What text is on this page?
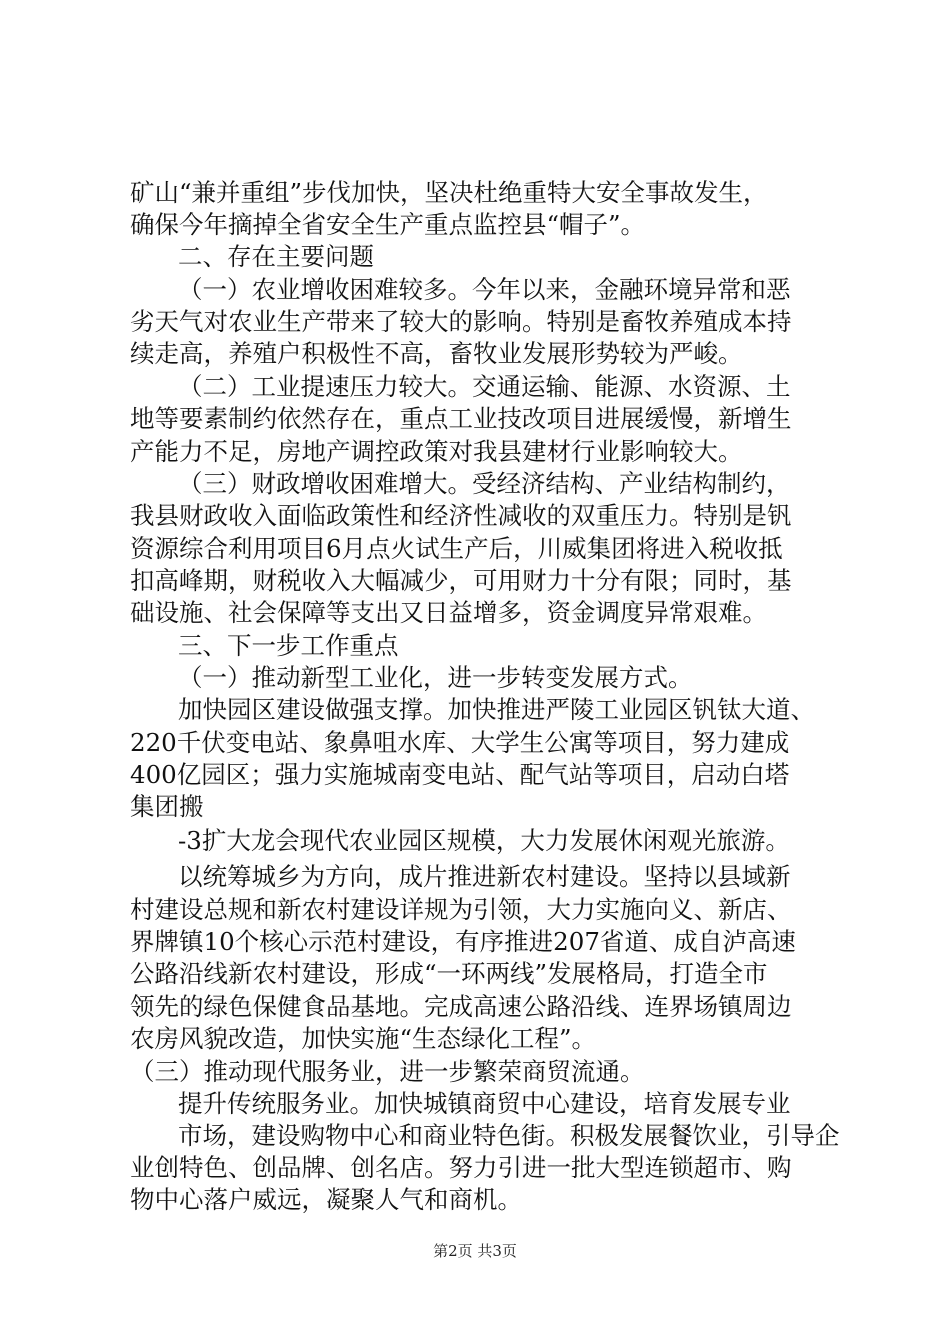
矿山“兼并重组”步伐加快，坚决杜绝重特大安全事故发生，
确保今年摘掉全省安全生产重点监控县“帽子”。
二、存在主要问题
（一）农业增收困难较多。今年以来，金融环境异常和恶
劣天气对农业生产带来了较大的影响。特别是畜牧养殖成本持
续走高，养殖户积极性不高，畜牧业发展形势较为严峻。
（二）工业提速压力较大。交通运输、能源、水资源、土
地等要素制约依然存在，重点工业技改项目进展缓慢，新增生
产能力不足，房地产调控政策对我县建材行业影响较大。
（三）财政增收困难增大。受经济结构、产业结构制约，
我县财政收入面临政策性和经济性减收的双重压力。特别是钒
资源综合利用项目6月点火试生产后，川威集团将进入税收抵
扣高峰期，财税收入大幅减少，可用财力十分有限；同时，基
础设施、社会保障等支出又日益增多，资金调度异常艰难。
三、下一步工作重点
（一）推动新型工业化，进一步转变发展方式。
加快园区建设做强支撑。加快推进严陵工业园区钒钛大道、
220千伏变电站、象鼻咀水库、大学生公寓等项目，努力建成
400亿园区；强力实施城南变电站、配气站等项目，启动白塔
集团搬
-3扩大龙会现代农业园区规模，大力发展休闲观光旅游。
以统筹城乡为方向，成片推进新农村建设。坚持以县域新
村建设总规和新农村建设详规为引领，大力实施向义、新店、
界牌镇10个核心示范村建设，有序推进207省道、成自泸高速
公路沿线新农村建设，形成“一环两线”发展格局，打造全市
领先的绿色保健食品基地。完成高速公路沿线、连界场镇周边
农房风貌改造，加快实施“生态绿化工程”。
（三）推动现代服务业，进一步繁荣商贸流通。
提升传统服务业。加快城镇商贸中心建设，培育发展专业
市场，建设购物中心和商业特色街。积极发展餐饮业，引导企
业创特色、创品牌、创名店。努力引进一批大型连锁超市、购
物中心落户威远，凝聚人气和商机。
第2页 共3页
